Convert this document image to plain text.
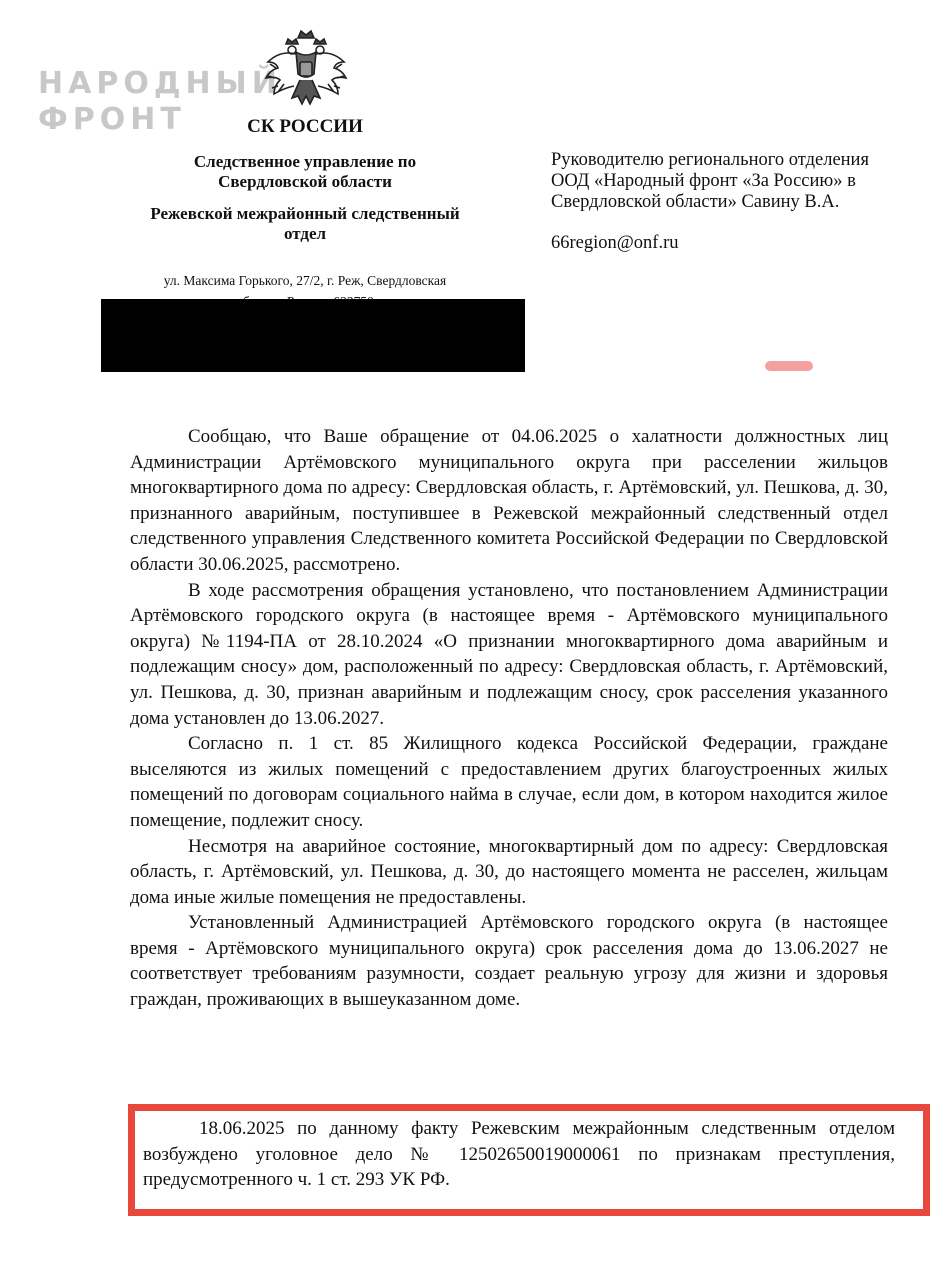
НАРОДНЫЙ
ФРОНТ	СК РОССИИ
Следственное управление по Свердловской области
Режевской межрайонный следственный отдел
ул. Максима Горького, 27/2, г. Реж, Свердловская
Руководителю регионального отделения ООД «Народный фронт «За Россию» в Свердловской области» Савину В.А.
66region@onf.ru

Сообщаю, что Ваше обращение от 04.06.2025 о халатности должностных лиц Администрации Артёмовского муниципального округа при расселении жильцов многоквартирного дома по адресу: Свердловская область, г. Артёмовский, ул. Пешкова, д. 30, признанного аварийным, поступившее в Режевской межрайонный следственный отдел следственного управления Следственного комитета Российской Федерации по Свердловской области 30.06.2025, рассмотрено.

В ходе рассмотрения обращения установлено, что постановлением Администрации Артёмовского городского округа (в настоящее время - Артёмовского муниципального округа) №1194-ПА от 28.10.2024 «О признании многоквартирного дома аварийным и подлежащим сносу» дом, расположенный по адресу: Свердловская область, г. Артёмовский, ул. Пешкова, д. 30, признан аварийным и подлежащим сносу, срок расселения указанного дома установлен до 13.06.2027.

Согласно п. 1 ст. 85 Жилищного кодекса Российской Федерации, граждане выселяются из жилых помещений с предоставлением других благоустроенных жилых помещений по договорам социального найма в случае, если дом, в котором находится жилое помещение, подлежит сносу.

Несмотря на аварийное состояние, многоквартирный дом по адресу: Свердловская область, г. Артёмовский, ул. Пешкова, д. 30, до настоящего момента не расселен, жильцам дома иные жилые помещения не предоставлены.

Установленный Администрацией Артёмовского городского округа (в настоящее время - Артёмовского муниципального округа) срок расселения дома до 13.06.2027 не соответствует требованиям разумности, создает реальную угрозу для жизни и здоровья граждан, проживающих в вышеуказанном доме.

18.06.2025 по данному факту Режевским межрайонным следственным отделом возбуждено уголовное дело № 12502650019000061 по признакам преступления, предусмотренного ч. 1 ст. 293 УК РФ.
